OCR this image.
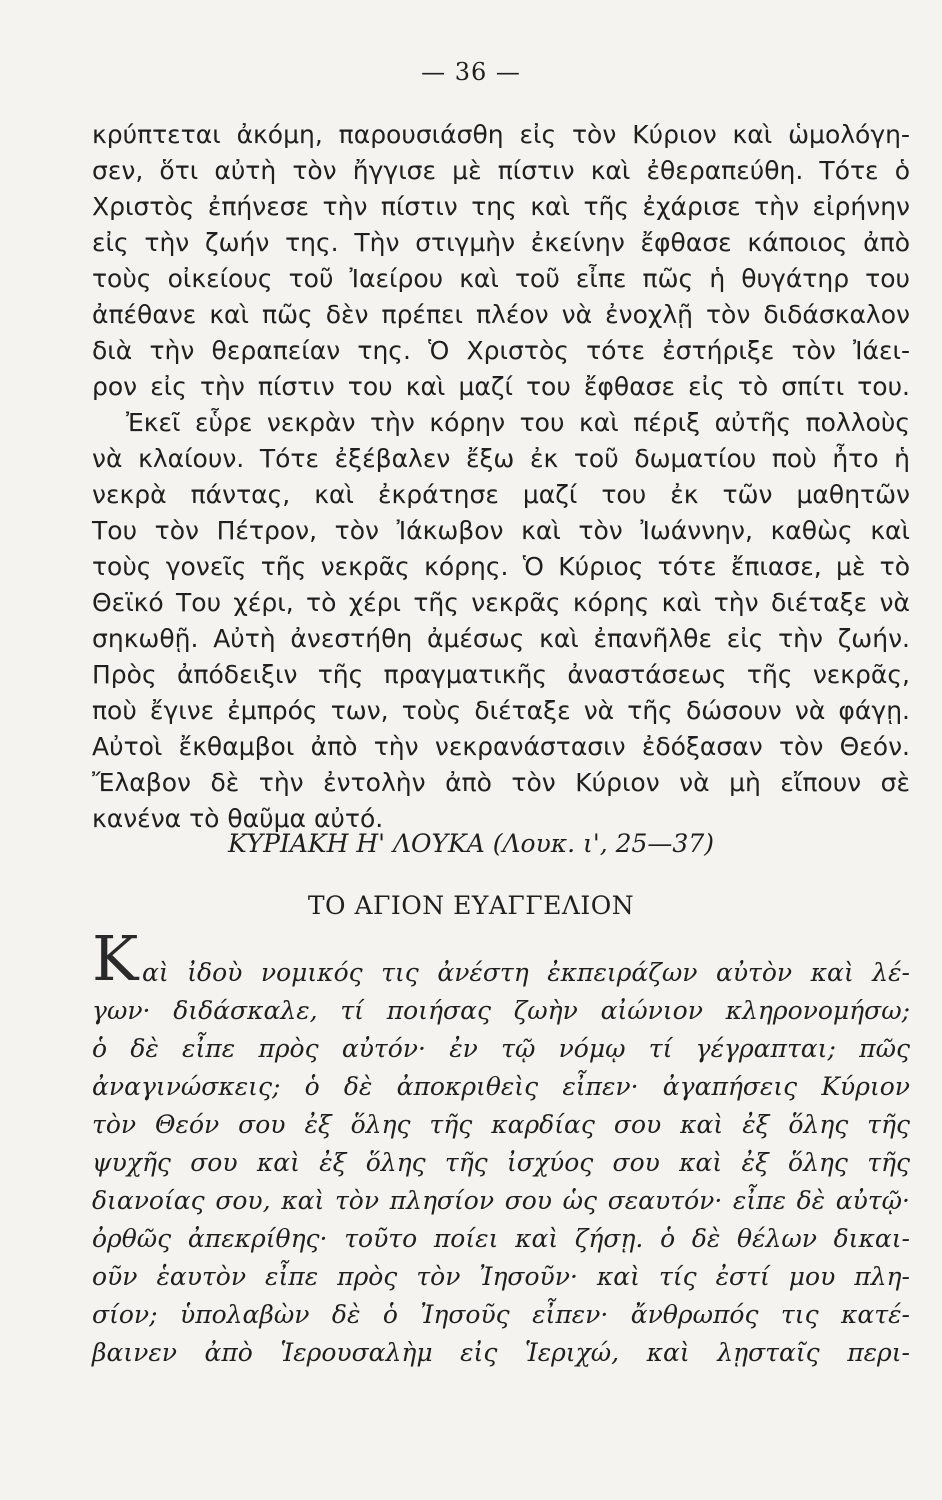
— 36 —
κρύπτεται ἀκόμη, παρουσιάσθη εἰς τὸν Κύριον καὶ ὡμολόγη-
σεν, ὅτι αὐτὴ τὸν ἤγγισε μὲ πίστιν καὶ ἐθεραπεύθη. Τότε ὁ
Χριστὸς ἐπήνεσε τὴν πίστιν της καὶ τῆς ἐχάρισε τὴν εἰρήνην
εἰς τὴν ζωήν της. Τὴν στιγμὴν ἐκείνην ἔφθασε κάποιος ἀπὸ
τοὺς οἰκείους τοῦ Ἰαείρου καὶ τοῦ εἶπε πῶς ἡ θυγάτηρ του
ἀπέθανε καὶ πῶς δὲν πρέπει πλέον νὰ ἐνοχλῇ τὸν διδάσκαλον
διὰ τὴν θεραπείαν της. Ὁ Χριστὸς τότε ἐστήριξε τὸν Ἰάει-
ρον εἰς τὴν πίστιν του καὶ μαζί του ἔφθασε εἰς τὸ σπίτι του.
Ἐκεῖ εὗρε νεκρὰν τὴν κόρην του καὶ πέριξ αὐτῆς πολλοὺς
νὰ κλαίουν. Τότε ἐξέβαλεν ἔξω ἐκ τοῦ δωματίου ποὺ ἦτο ἡ
νεκρὰ πάντας, καὶ ἐκράτησε μαζί του ἐκ τῶν μαθητῶν
Του τὸν Πέτρον, τὸν Ἰάκωβον καὶ τὸν Ἰωάννην, καθὼς καὶ
τοὺς γονεῖς τῆς νεκρᾶς κόρης. Ὁ Κύριος τότε ἔπιασε, μὲ τὸ
Θεϊκό Του χέρι, τὸ χέρι τῆς νεκρᾶς κόρης καὶ τὴν διέταξε νὰ
σηκωθῇ. Αὐτὴ ἀνεστήθη ἀμέσως καὶ ἐπανῆλθε εἰς τὴν ζωήν.
Πρὸς ἀπόδειξιν τῆς πραγματικῆς ἀναστάσεως τῆς νεκρᾶς,
ποὺ ἔγινε ἐμπρός των, τοὺς διέταξε νὰ τῆς δώσουν νὰ φάγῃ.
Αὐτοὶ ἔκθαμβοι ἀπὸ τὴν νεκρανάστασιν ἐδόξασαν τὸν Θεόν.
Ἔλαβον δὲ τὴν ἐντολὴν ἀπὸ τὸν Κύριον νὰ μὴ εἴπουν σὲ
κανένα τὸ θαῦμα αὐτό.
ΚΥΡΙΑΚΗ Η' ΛΟΥΚΑ (Λουκ. ι', 25—37)
ΤΟ ΑΓΙΟΝ ΕΥΑΓΓΕΛΙΟΝ
Κ αὶ ἰδοὺ νομικός τις ἀνέστη ἐκπειράζων αὐτὸν καὶ λέ-
γων· διδάσκαλε, τί ποιήσας ζωὴν αἰώνιον κληρονομήσω;
ὁ δὲ εἶπε πρὸς αὐτόν· ἐν τῷ νόμῳ τί γέγραπται; πῶς
ἀναγινώσκεις; ὁ δὲ ἀποκριθεὶς εἶπεν· ἀγαπήσεις Κύριον
τὸν Θεόν σου ἐξ ὅλης τῆς καρδίας σου καὶ ἐξ ὅλης τῆς
ψυχῆς σου καὶ ἐξ ὅλης τῆς ἰσχύος σου καὶ ἐξ ὅλης τῆς
διανοίας σου, καὶ τὸν πλησίον σου ὡς σεαυτόν· εἶπε δὲ αὐτῷ·
ὀρθῶς ἀπεκρίθης· τοῦτο ποίει καὶ ζήσῃ. ὁ δὲ θέλων δικαι-
οῦν ἑαυτὸν εἶπε πρὸς τὸν Ἰησοῦν· καὶ τίς ἐστί μου πλη-
σίον; ὑπολαβὼν δὲ ὁ Ἰησοῦς εἶπεν· ἄνθρωπός τις κατέ-
βαινεν ἀπὸ Ἱερουσαλὴμ εἰς Ἱεριχώ, καὶ λῃσταῖς περι-
